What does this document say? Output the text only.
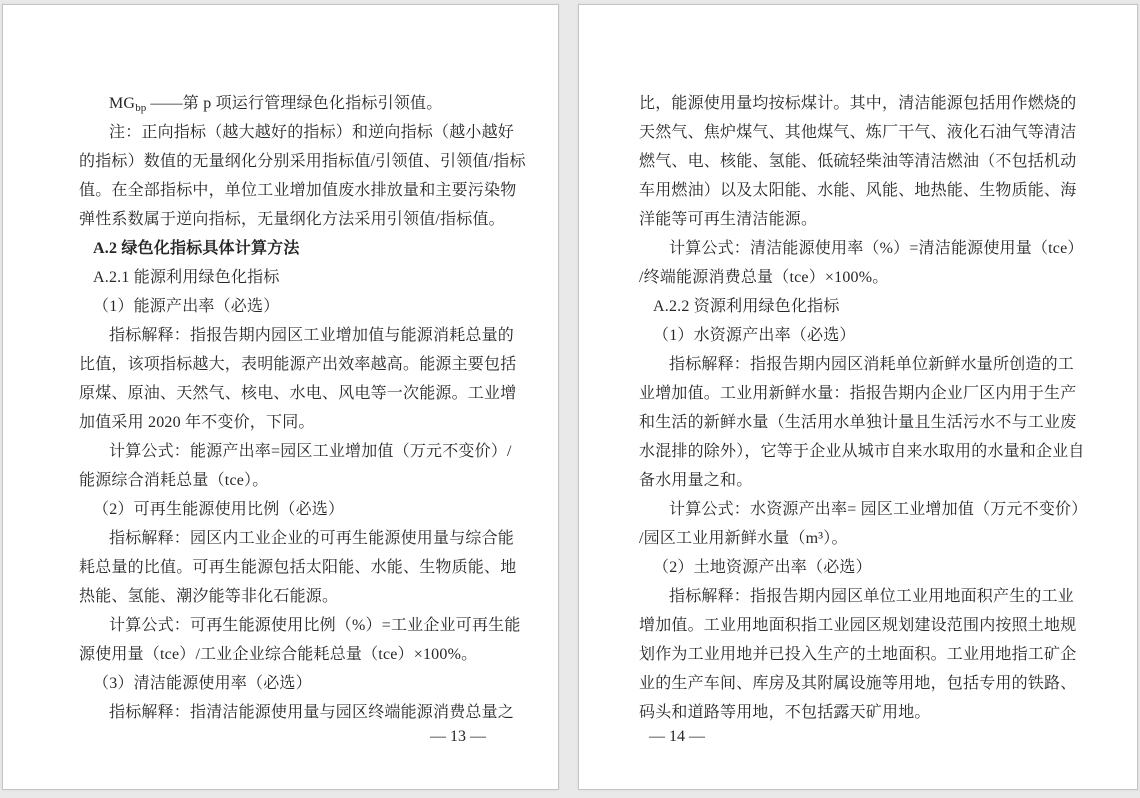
$MG_{bp}$ ——第 p 项运行管理绿色化指标引领值。
注：正向指标（越大越好的指标）和逆向指标（越小越好
的指标）数值的无量纲化分别采用指标值/引领值、引领值/指标
值。在全部指标中，单位工业增加值废水排放量和主要污染物
弹性系数属于逆向指标，无量纲化方法采用引领值/指标值。
A.2 绿色化指标具体计算方法
A.2.1 能源利用绿色化指标
（1）能源产出率（必选）
指标解释：指报告期内园区工业增加值与能源消耗总量的
比值，该项指标越大，表明能源产出效率越高。能源主要包括
原煤、原油、天然气、核电、水电、风电等一次能源。工业增
加值采用 2020 年不变价，下同。
计算公式：能源产出率=园区工业增加值（万元不变价）/
能源综合消耗总量（tce）。
（2）可再生能源使用比例（必选）
指标解释：园区内工业企业的可再生能源使用量与综合能
耗总量的比值。可再生能源包括太阳能、水能、生物质能、地
热能、氢能、潮汐能等非化石能源。
计算公式：可再生能源使用比例（%）=工业企业可再生能
源使用量（tce）/工业企业综合能耗总量（tce）×100%。
（3）清洁能源使用率（必选）
指标解释：指清洁能源使用量与园区终端能源消费总量之
— 13 —
比，能源使用量均按标煤计。其中，清洁能源包括用作燃烧的
天然气、焦炉煤气、其他煤气、炼厂干气、液化石油气等清洁
燃气、电、核能、氢能、低硫轻柴油等清洁燃油（不包括机动
车用燃油）以及太阳能、水能、风能、地热能、生物质能、海
洋能等可再生清洁能源。
计算公式：清洁能源使用率（%）=清洁能源使用量（tce）
/终端能源消费总量（tce）×100%。
A.2.2 资源利用绿色化指标
（1）水资源产出率（必选）
指标解释：指报告期内园区消耗单位新鲜水量所创造的工
业增加值。工业用新鲜水量：指报告期内企业厂区内用于生产
和生活的新鲜水量（生活用水单独计量且生活污水不与工业废
水混排的除外），它等于企业从城市自来水取用的水量和企业自
备水用量之和。
计算公式：水资源产出率= 园区工业增加值（万元不变价）
/园区工业用新鲜水量（m³）。
（2）土地资源产出率（必选）
指标解释：指报告期内园区单位工业用地面积产生的工业
增加值。工业用地面积指工业园区规划建设范围内按照土地规
划作为工业用地并已投入生产的土地面积。工业用地指工矿企
业的生产车间、库房及其附属设施等用地，包括专用的铁路、
码头和道路等用地，不包括露天矿用地。
— 14 —
